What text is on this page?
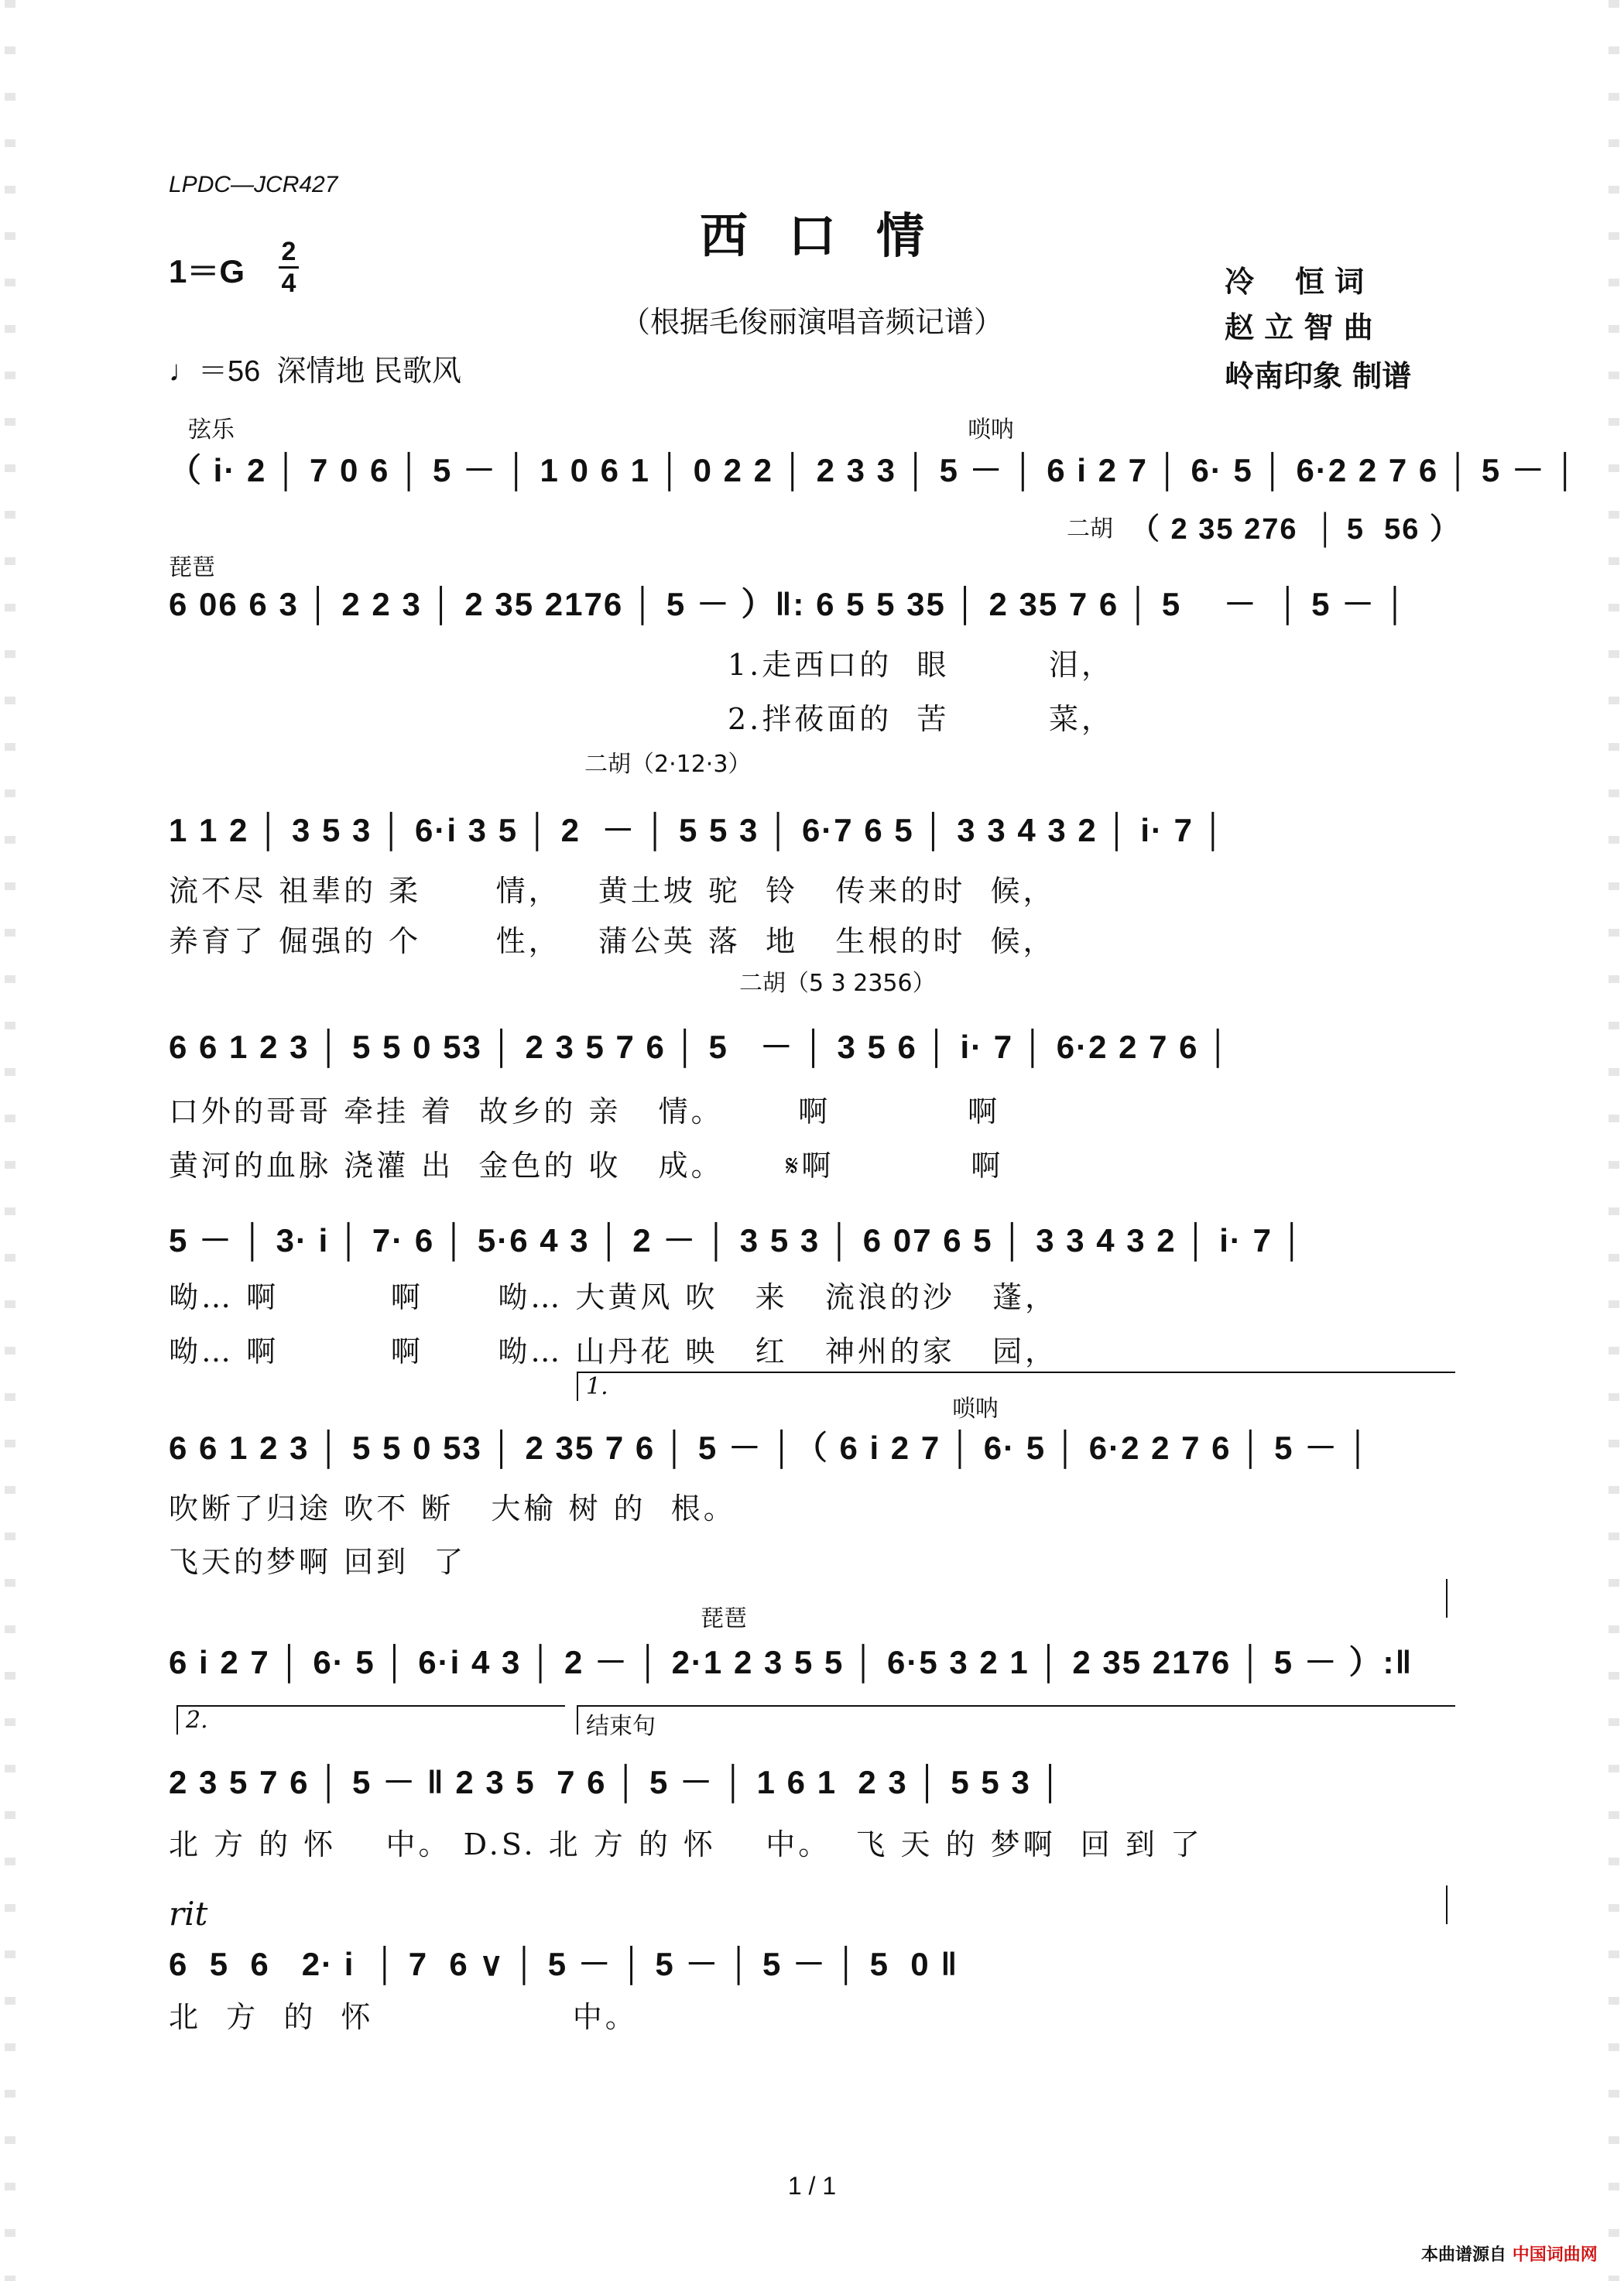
LPDC—JCR427
西口情
（根据毛俊丽演唱音频记谱）
1＝G
2
4
♩＝56  深情地 民歌风
冷    恒 词
赵 立 智 曲
岭南印象 制谱
弦乐	唢呐
（ i· 2 │ 7 0 6 │ 5 － │ 1 0 6 1 │ 0 2 2 │ 2 3 3 │ 5 － │ 6 i 2 7 │ 6· 5 │ 6·2 2 7 6 │ 5 － │
二胡 （ 2 35 276  │ 5  56 ）
琵琶
6 06 6 3 │ 2 2 3 │ 2 35 2176 │ 5 － ）‖: 6 5 5 35 │ 2 35 7 6 │ 5    －  │ 5 － │
1.走西口的  眼        泪，
2.拌莜面的  苦        菜，
二胡（2·12·3）
1 1 2 │ 3 5 3 │ 6·i 3 5 │ 2  － │ 5 5 3 │ 6·7 6 5 │ 3 3 4 3 2 │ i· 7 │
流不尽 祖辈的 柔      情，   黄土坡 驼  铃   传来的时  候，
养育了 倔强的 个      性，   蒲公英 落  地   生根的时  候，
二胡（5 3 2356）
6 6 1 2 3 │ 5 5 0 53 │ 2 3 5 7 6 │ 5   － │ 3 5 6 │ i· 7 │ 6·2 2 7 6 │
口外的哥哥 牵挂 着  故乡的 亲   情。      啊           啊
黄河的血脉 浇灌 出  金色的 收   成。     𝄋啊           啊
5 － │ 3· i │ 7· 6 │ 5·6 4 3 │ 2 － │ 3 5 3 │ 6 07 6 5 │ 3 3 4 3 2 │ i· 7 │
呦… 啊         啊      呦… 大黄风 吹   来   流浪的沙   蓬，
呦… 啊         啊      呦… 山丹花 映   红   神州的家   园，
1.
唢呐
6 6 1 2 3 │ 5 5 0 53 │ 2 35 7 6 │ 5 － │（ 6 i 2 7 │ 6· 5 │ 6·2 2 7 6 │ 5 － │
吹断了归途 吹不 断   大榆 树 的  根。
飞天的梦啊 回到  了
琵琶
6 i 2 7 │ 6· 5 │ 6·i 4 3 │ 2 － │ 2·1 2 3 5 5 │ 6·5 3 2 1 │ 2 35 2176 │ 5 － ）:‖
2.	结束句
2 3 5 7 6 │ 5 － ‖ 2 3 5  7 6 │ 5 － │ 1 6 1  2 3 │ 5 5 3 │
北 方 的 怀    中。 D.S. 北 方 的 怀    中。  飞 天 的 梦啊  回 到 了
rit
6  5  6   2· i  │ 7  6 ∨ │ 5 － │ 5 － │ 5 － │ 5  0 ‖
北  方  的  怀                中。
1 / 1
本曲谱源自 中国词曲网
